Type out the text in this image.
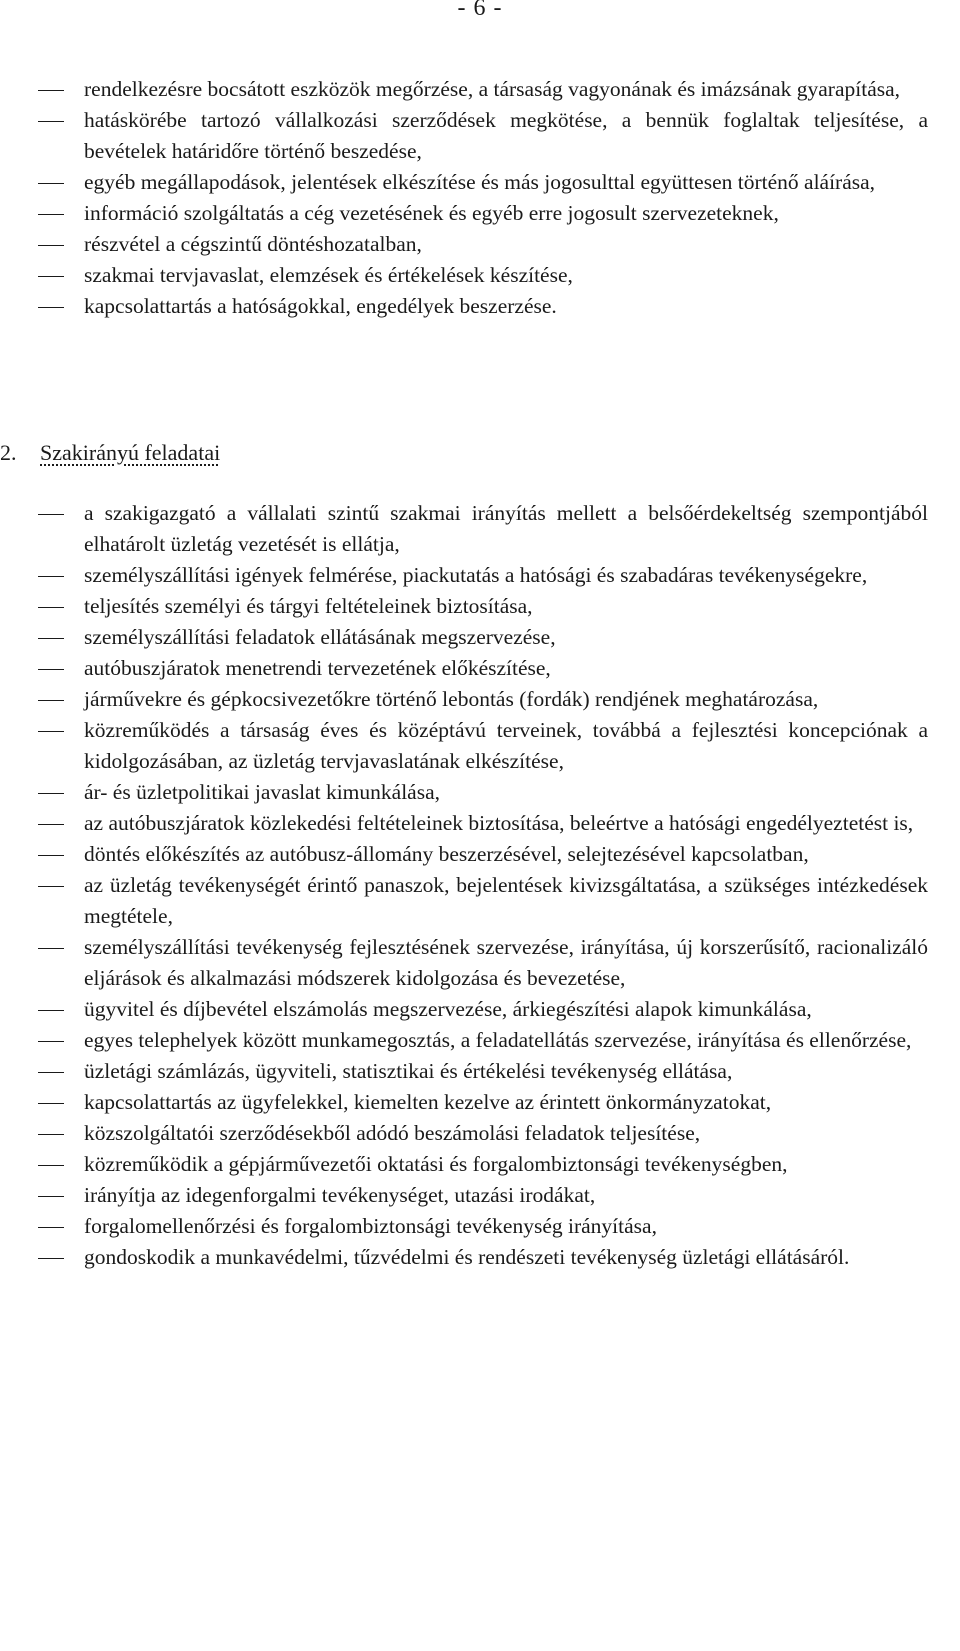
- 6 -
rendelkezésre bocsátott eszközök megőrzése, a társaság vagyonának és imázsának gyarapítása,
hatáskörébe tartozó vállalkozási szerződések megkötése, a bennük foglaltak teljesítése, a bevételek határidőre történő beszedése,
egyéb megállapodások, jelentések elkészítése és más jogosulttal együttesen történő aláírása,
információ szolgáltatás a cég vezetésének és egyéb erre jogosult szervezeteknek,
részvétel a cégszintű döntéshozatalban,
szakmai tervjavaslat, elemzések és értékelések készítése,
kapcsolattartás a hatóságokkal, engedélyek beszerzése.
2. Szakirányú feladatai
a szakigazgató a vállalati szintű szakmai irányítás mellett a belsőérdekeltség szempontjából elhatárolt üzletág vezetését is ellátja,
személyszállítási igények felmérése, piackutatás a hatósági és szabadáras tevékenységekre,
teljesítés személyi és tárgyi feltételeinek biztosítása,
személyszállítási feladatok ellátásának megszervezése,
autóbuszjáratok menetrendi tervezetének előkészítése,
járművekre és gépkocsivezetőkre történő lebontás (fordák) rendjének meghatározása,
közreműködés a társaság éves és középtávú terveinek, továbbá a fejlesztési koncepciónak a kidolgozásában, az üzletág tervjavaslatának elkészítése,
ár- és üzletpolitikai javaslat kimunkálása,
az autóbuszjáratok közlekedési feltételeinek biztosítása, beleértve a hatósági engedélyeztetést is,
döntés előkészítés az autóbusz-állomány beszerzésével, selejtezésével kapcsolatban,
az üzletág tevékenységét érintő panaszok, bejelentések kivizsgáltatása, a szükséges intézkedések megtétele,
személyszállítási tevékenység fejlesztésének szervezése, irányítása, új korszerűsítő, racionalizáló eljárások és alkalmazási módszerek kidolgozása és bevezetése,
ügyvitel és díjbevétel elszámolás megszervezése, árkiegészítési alapok kimunkálása,
egyes telephelyek között munkamegosztás, a feladatellátás szervezése, irányítása és ellenőrzése,
üzletági számlázás, ügyviteli, statisztikai és értékelési tevékenység ellátása,
kapcsolattartás az ügyfelekkel, kiemelten kezelve az érintett önkormányzatokat,
közszolgáltatói szerződésekből adódó beszámolási feladatok teljesítése,
közreműködik a gépjárművezetői oktatási és forgalombiztonsági tevékenységben,
irányítja az idegenforgalmi tevékenységet, utazási irodákat,
forgalomellenőrzési és forgalombiztonsági tevékenység irányítása,
gondoskodik a munkavédelmi, tűzvédelmi és rendészeti tevékenység üzletági ellátásáról.
